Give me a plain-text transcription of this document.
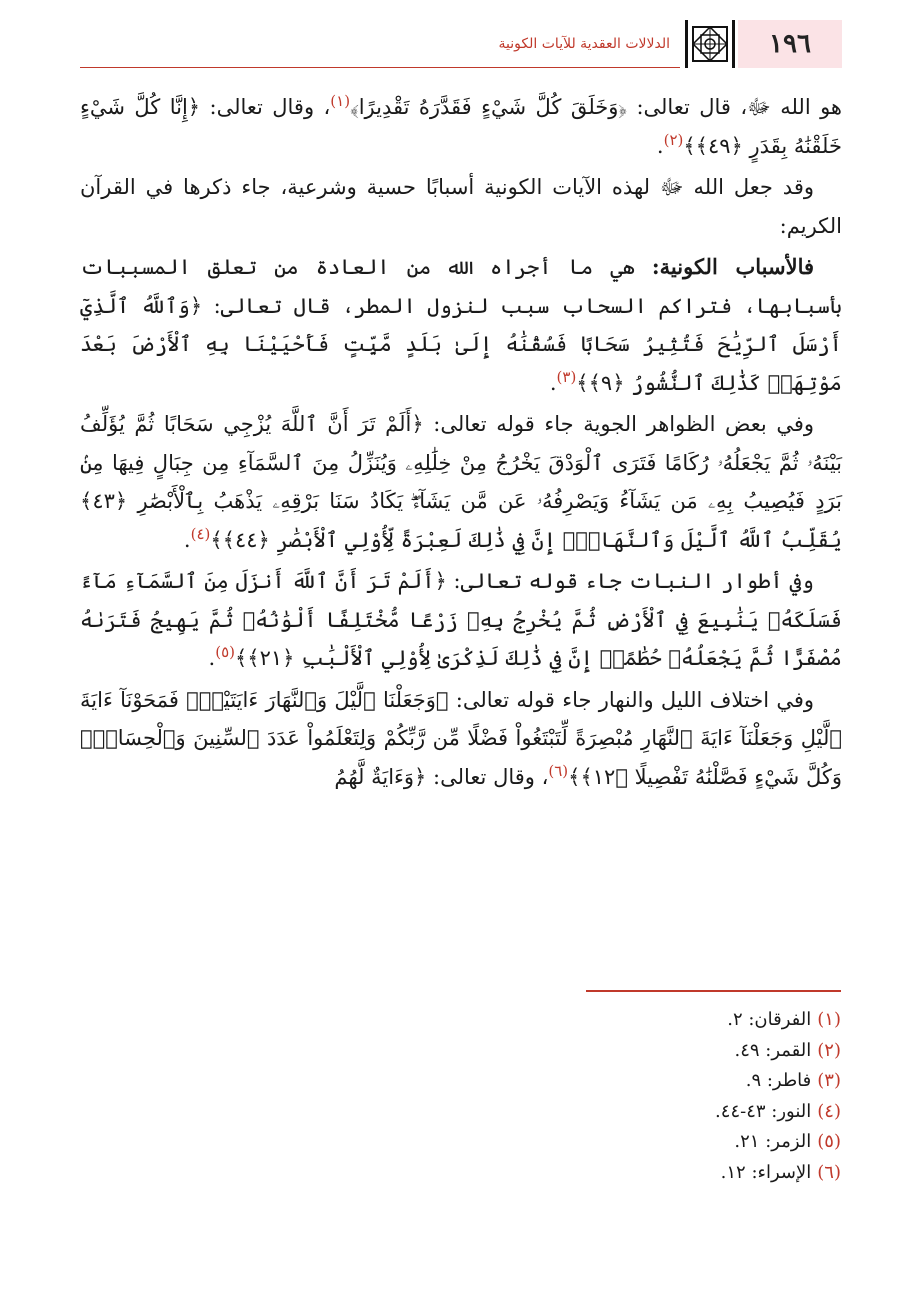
الدلالات العقدية للآيات الكونية	١٩٦

هو الله ﷻ، قال تعالى: ﴿وَخَلَقَ كُلَّ شَيْءٍ فَقَدَّرَهُ تَقْدِيرًا﴾$^{(١)}$، وقال تعالى: ﴿إِنَّا كُلَّ شَيْءٍ خَلَقْنَٰهُ بِقَدَرٍ ﴿٤٩﴾﴾$^{(٢)}$.

وقد جعل الله ﷻ لهذه الآيات الكونية أسبابًا حسية وشرعية، جاء ذكرها في القرآن الكريم:

فالأسباب الكونية: هي ما أجراه الله من العادة من تعلق المسببات بأسبابها، فتراكم السحاب سبب لنزول المطر، قال تعالى: ﴿وَٱللَّهُ ٱلَّذِيٓ أَرْسَلَ ٱلرِّيَٰحَ فَتُثِيرُ سَحَابًا فَسُقْنَٰهُ إِلَىٰ بَلَدٍ مَّيِّتٍ فَأَحْيَيْنَا بِهِ ٱلْأَرْضَ بَعْدَ مَوْتِهَاۚ كَذَٰلِكَ ٱلنُّشُورُ ﴿٩﴾﴾$^{(٣)}$.

وفي بعض الظواهر الجوية جاء قوله تعالى: ﴿أَلَمْ تَرَ أَنَّ ٱللَّهَ يُزْجِي سَحَابًا ثُمَّ يُؤَلِّفُ بَيْنَهُۥ ثُمَّ يَجْعَلُهُۥ رُكَامًا فَتَرَى ٱلْوَدْقَ يَخْرُجُ مِنْ خِلَٰلِهِۦ وَيُنَزِّلُ مِنَ ٱلسَّمَآءِ مِن جِبَالٍ فِيهَا مِنۢ بَرَدٍ فَيُصِيبُ بِهِۦ مَن يَشَآءُ وَيَصْرِفُهُۥ عَن مَّن يَشَآءُۖ يَكَادُ سَنَا بَرْقِهِۦ يَذْهَبُ بِٱلْأَبْصَٰرِ ﴿٤٣﴾ يُقَلِّبُ ٱللَّهُ ٱلَّيْلَ وَٱلنَّهَارَۚ إِنَّ فِي ذَٰلِكَ لَعِبْرَةً لِّأُوْلِي ٱلْأَبْصَٰرِ ﴿٤٤﴾﴾$^{(٤)}$.

وفي أطوار النبات جاء قوله تعالى: ﴿أَلَمْ تَرَ أَنَّ ٱللَّهَ أَنزَلَ مِنَ ٱلسَّمَآءِ مَآءً فَسَلَكَهُۥ يَنَٰبِيعَ فِي ٱلْأَرْضِ ثُمَّ يُخْرِجُ بِهِۦ زَرْعًا مُّخْتَلِفًا أَلْوَٰنُهُۥ ثُمَّ يَهِيجُ فَتَرَىٰهُ مُصْفَرًّا ثُمَّ يَجْعَلُهُۥ حُطَٰمًاۚ إِنَّ فِي ذَٰلِكَ لَذِكْرَىٰ لِأُوْلِي ٱلْأَلْبَٰبِ ﴿٢١﴾﴾$^{(٥)}$.

وفي اختلاف الليل والنهار جاء قوله تعالى: ﴿وَجَعَلْنَا ٱلَّيْلَ وَٱلنَّهَارَ ءَايَتَيْنِۖ فَمَحَوْنَآ ءَايَةَ ٱلَّيْلِ وَجَعَلْنَآ ءَايَةَ ٱلنَّهَارِ مُبْصِرَةً لِّتَبْتَغُواْ فَضْلًا مِّن رَّبِّكُمْ وَلِتَعْلَمُواْ عَدَدَ ٱلسِّنِينَ وَٱلْحِسَابَۚ وَكُلَّ شَيْءٍ فَصَّلْنَٰهُ تَفْصِيلًا ﴿١٢﴾﴾$^{(٦)}$، وقال تعالى: ﴿وَءَايَةٌ لَّهُمُ

(١)
الفرقان: ٢.
(٢)
القمر: ٤٩.
(٣)
فاطر: ٩.
(٤)
النور: ٤٣-٤٤.
(٥)
الزمر: ٢١.
(٦)
الإسراء: ١٢.
